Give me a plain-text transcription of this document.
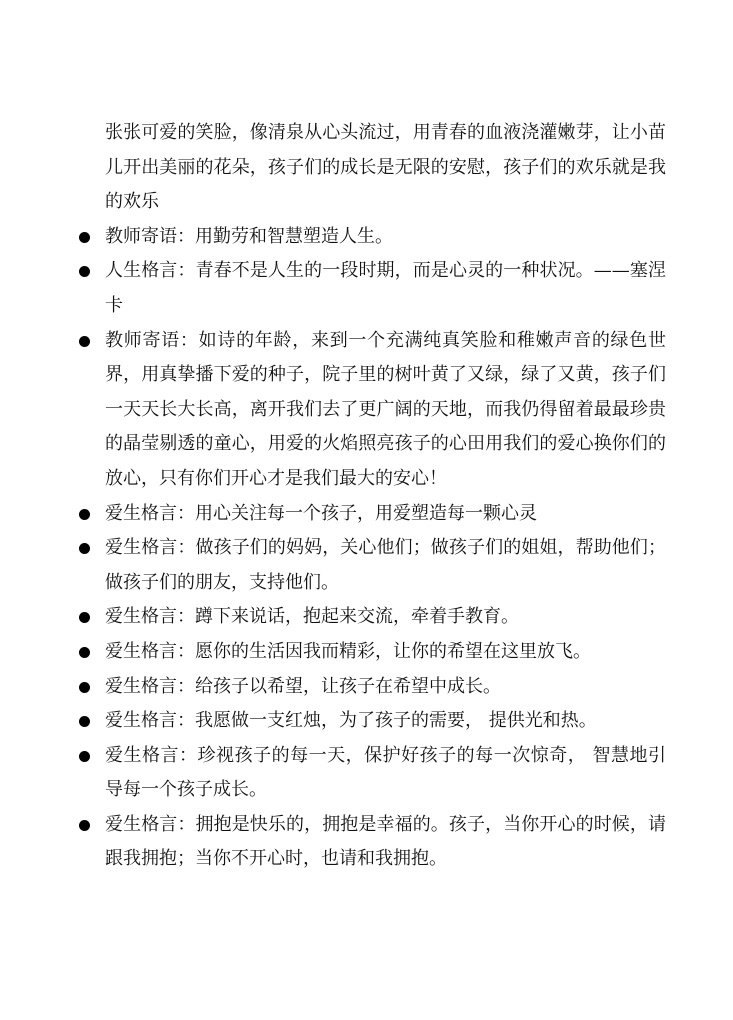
张张可爱的笑脸，像清泉从心头流过，用青春的血液浇灌嫩芽，让小苗儿开出美丽的花朵，孩子们的成长是无限的安慰，孩子们的欢乐就是我的欢乐

教师寄语：用勤劳和智慧塑造人生。
人生格言：青春不是人生的一段时期，而是心灵的一种状况。——塞涅卡
教师寄语：如诗的年龄，来到一个充满纯真笑脸和稚嫩声音的绿色世界，用真挚播下爱的种子，院子里的树叶黄了又绿，绿了又黄，孩子们一天天长大长高，离开我们去了更广阔的天地，而我仍得留着最最珍贵的晶莹剔透的童心，用爱的火焰照亮孩子的心田用我们的爱心换你们的放心，只有你们开心才是我们最大的安心！
爱生格言：用心关注每一个孩子，用爱塑造每一颗心灵
爱生格言：做孩子们的妈妈，关心他们；做孩子们的姐姐，帮助他们；做孩子们的朋友，支持他们。
爱生格言：蹲下来说话，抱起来交流，牵着手教育。
爱生格言：愿你的生活因我而精彩，让你的希望在这里放飞。
爱生格言：给孩子以希望，让孩子在希望中成长。
爱生格言：我愿做一支红烛，为了孩子的需要， 提供光和热。
爱生格言：珍视孩子的每一天，保护好孩子的每一次惊奇， 智慧地引导每一个孩子成长。
爱生格言：拥抱是快乐的，拥抱是幸福的。孩子，当你开心的时候，请跟我拥抱；当你不开心时，也请和我拥抱。
